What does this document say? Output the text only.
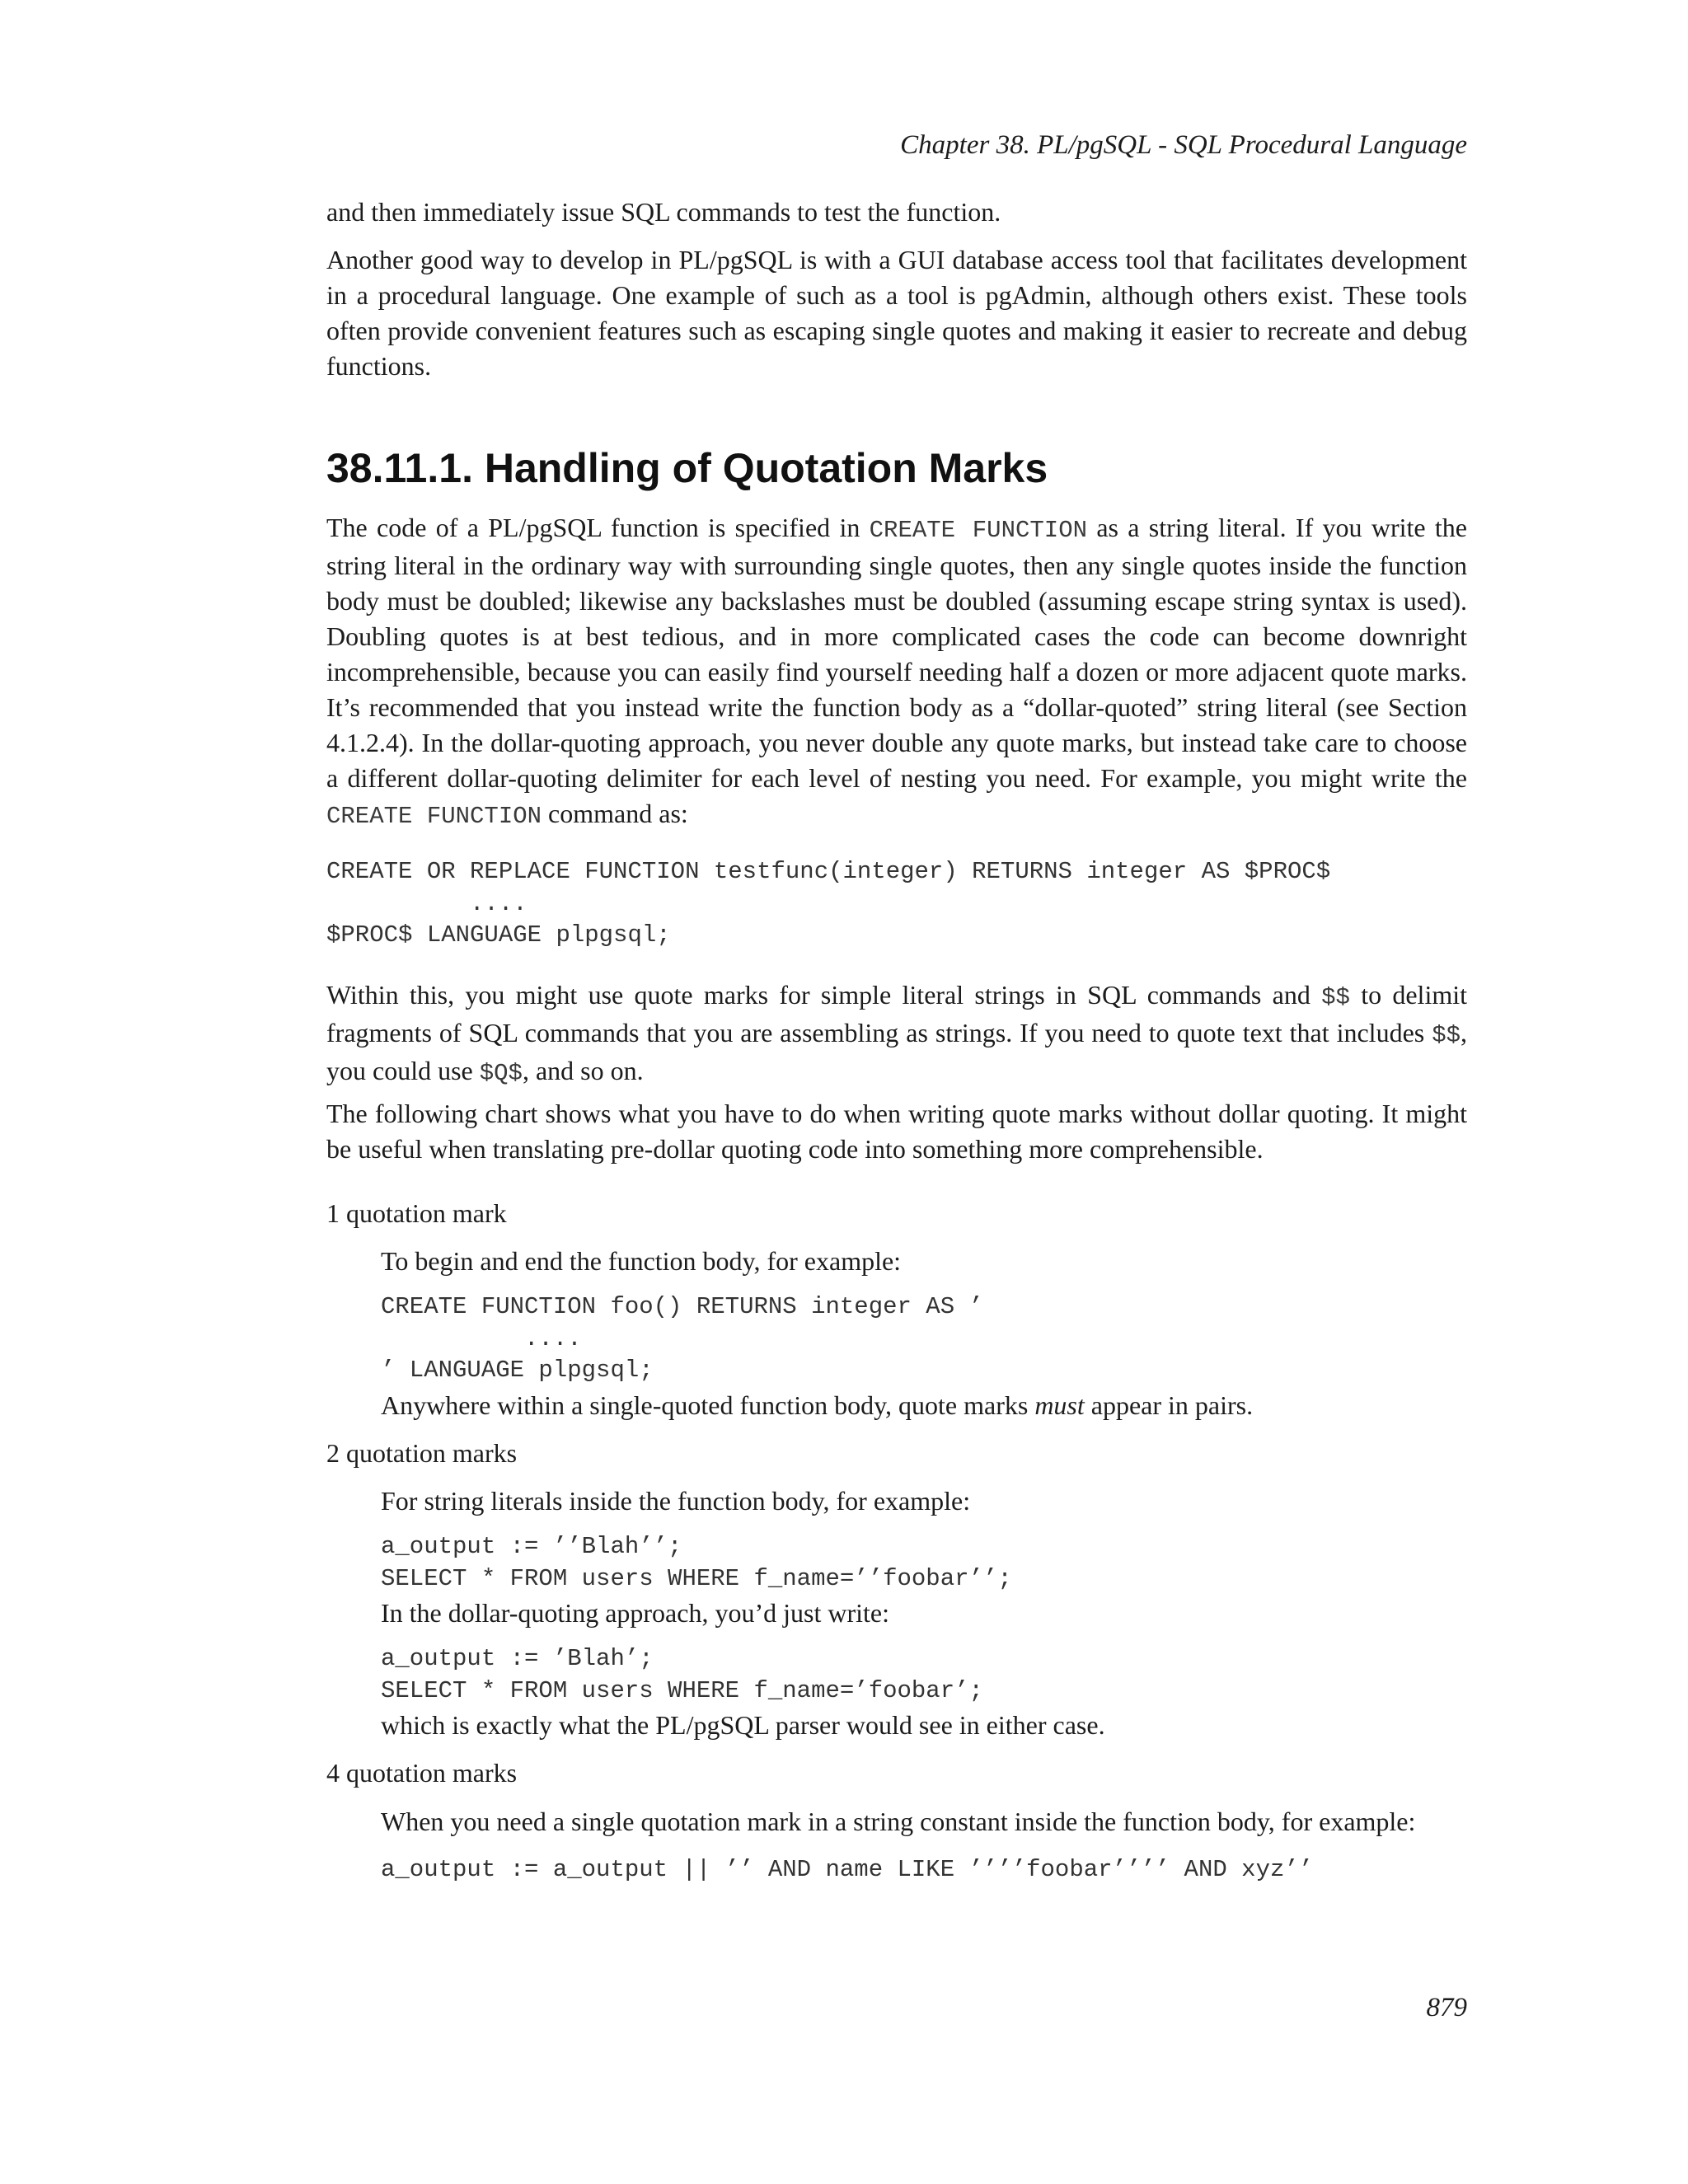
Chapter 38. PL/pgSQL - SQL Procedural Language

and then immediately issue SQL commands to test the function.

Another good way to develop in PL/pgSQL is with a GUI database access tool that facilitates development in a procedural language. One example of such as a tool is pgAdmin, although others exist. These tools often provide convenient features such as escaping single quotes and making it easier to recreate and debug functions.

38.11.1. Handling of Quotation Marks

The code of a PL/pgSQL function is specified in CREATE FUNCTION as a string literal. If you write the string literal in the ordinary way with surrounding single quotes, then any single quotes inside the function body must be doubled; likewise any backslashes must be doubled (assuming escape string syntax is used). Doubling quotes is at best tedious, and in more complicated cases the code can become downright incomprehensible, because you can easily find yourself needing half a dozen or more adjacent quote marks. It’s recommended that you instead write the function body as a “dollar-quoted” string literal (see Section 4.1.2.4). In the dollar-quoting approach, you never double any quote marks, but instead take care to choose a different dollar-quoting delimiter for each level of nesting you need. For example, you might write the CREATE FUNCTION command as:

CREATE OR REPLACE FUNCTION testfunc(integer) RETURNS integer AS $PROC$
....
$PROC$ LANGUAGE plpgsql;

Within this, you might use quote marks for simple literal strings in SQL commands and $$ to delimit fragments of SQL commands that you are assembling as strings. If you need to quote text that includes $$, you could use $Q$, and so on.

The following chart shows what you have to do when writing quote marks without dollar quoting. It might be useful when translating pre-dollar quoting code into something more comprehensible.

1 quotation mark

To begin and end the function body, for example:

CREATE FUNCTION foo() RETURNS integer AS ’
....
’ LANGUAGE plpgsql;

Anywhere within a single-quoted function body, quote marks must appear in pairs.

2 quotation marks

For string literals inside the function body, for example:

a_output := ’’Blah’’;
SELECT * FROM users WHERE f_name=’’foobar’’;

In the dollar-quoting approach, you’d just write:

a_output := ’Blah’;
SELECT * FROM users WHERE f_name=’foobar’;

which is exactly what the PL/pgSQL parser would see in either case.

4 quotation marks

When you need a single quotation mark in a string constant inside the function body, for example:

a_output := a_output || ’’ AND name LIKE ’’’’foobar’’’’ AND xyz’’
879
